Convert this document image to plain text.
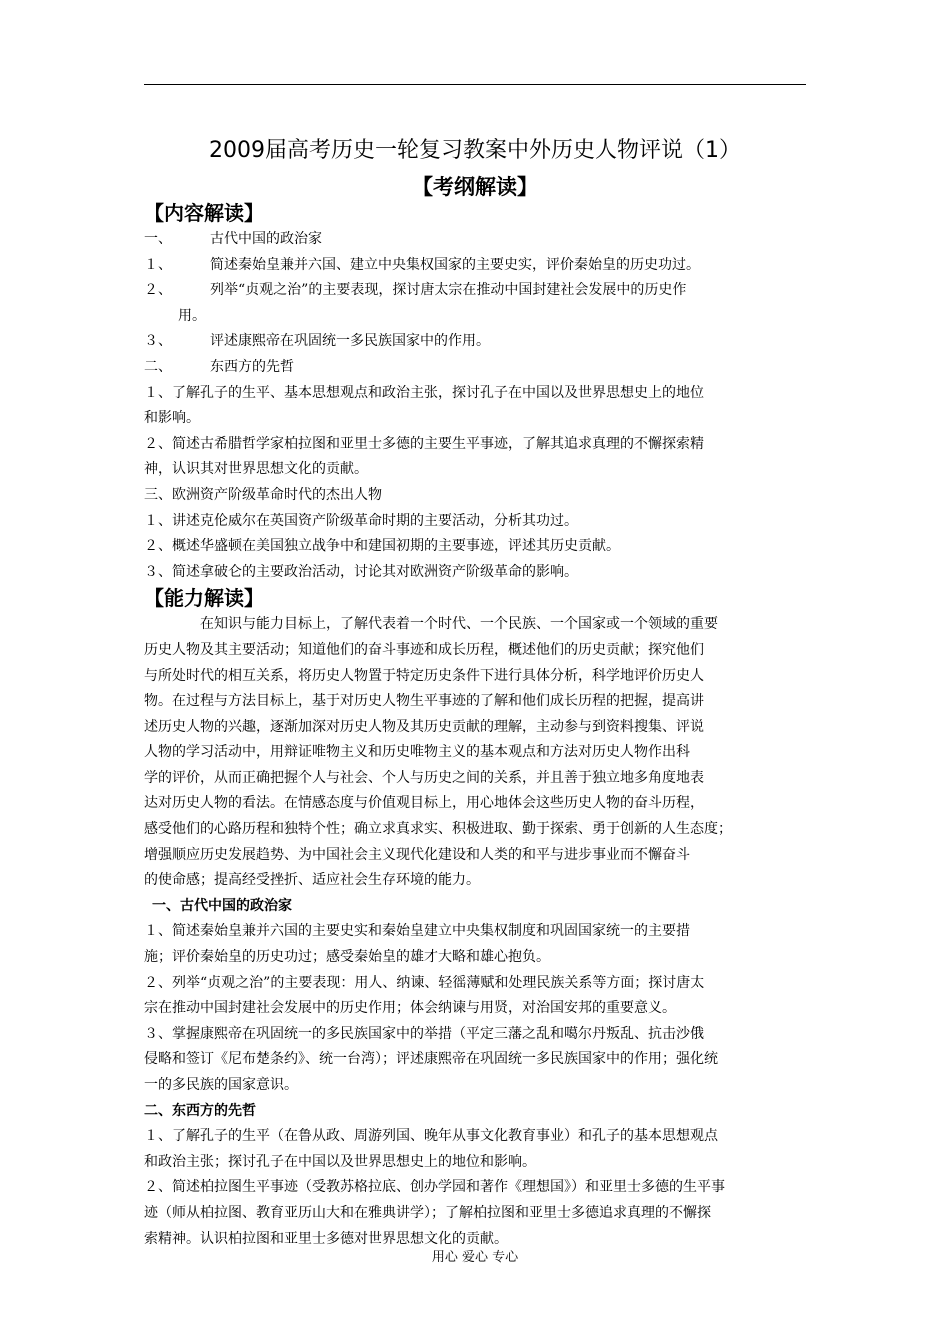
2009届高考历史一轮复习教案中外历史人物评说（1）
【考纲解读】
【内容解读】
一、	古代中国的政治家
１、	简述秦始皇兼并六国、建立中央集权国家的主要史实，评价秦始皇的历史功过。
２、	列举“贞观之治”的主要表现，探讨唐太宗在推动中国封建社会发展中的历史作
用。
３、	评述康熙帝在巩固统一多民族国家中的作用。
二、	东西方的先哲
１、了解孔子的生平、基本思想观点和政治主张，探讨孔子在中国以及世界思想史上的地位
和影响。
２、简述古希腊哲学家柏拉图和亚里士多德的主要生平事迹，了解其追求真理的不懈探索精
神，认识其对世界思想文化的贡献。
三、欧洲资产阶级革命时代的杰出人物
１、讲述克伦威尔在英国资产阶级革命时期的主要活动，分析其功过。
２、概述华盛顿在美国独立战争中和建国初期的主要事迹，评述其历史贡献。
３、简述拿破仑的主要政治活动，讨论其对欧洲资产阶级革命的影响。
【能力解读】
在知识与能力目标上，了解代表着一个时代、一个民族、一个国家或一个领域的重要
历史人物及其主要活动；知道他们的奋斗事迹和成长历程，概述他们的历史贡献；探究他们
与所处时代的相互关系，将历史人物置于特定历史条件下进行具体分析，科学地评价历史人
物。在过程与方法目标上，基于对历史人物生平事迹的了解和他们成长历程的把握，提高讲
述历史人物的兴趣，逐渐加深对历史人物及其历史贡献的理解，主动参与到资料搜集、评说
人物的学习活动中，用辩证唯物主义和历史唯物主义的基本观点和方法对历史人物作出科
学的评价，从而正确把握个人与社会、个人与历史之间的关系，并且善于独立地多角度地表
达对历史人物的看法。在情感态度与价值观目标上，用心地体会这些历史人物的奋斗历程，
感受他们的心路历程和独特个性；确立求真求实、积极进取、勤于探索、勇于创新的人生态度；
增强顺应历史发展趋势、为中国社会主义现代化建设和人类的和平与进步事业而不懈奋斗
的使命感；提高经受挫折、适应社会生存环境的能力。
一、古代中国的政治家
１、简述秦始皇兼并六国的主要史实和秦始皇建立中央集权制度和巩固国家统一的主要措
施；评价秦始皇的历史功过；感受秦始皇的雄才大略和雄心抱负。
２、列举“贞观之治”的主要表现：用人、纳谏、轻徭薄赋和处理民族关系等方面；探讨唐太
宗在推动中国封建社会发展中的历史作用；体会纳谏与用贤，对治国安邦的重要意义。
３、掌握康熙帝在巩固统一的多民族国家中的举措（平定三藩之乱和噶尔丹叛乱、抗击沙俄
侵略和签订《尼布楚条约》、统一台湾）；评述康熙帝在巩固统一多民族国家中的作用；强化统
一的多民族的国家意识。
二、东西方的先哲
１、了解孔子的生平（在鲁从政、周游列国、晚年从事文化教育事业）和孔子的基本思想观点
和政治主张；探讨孔子在中国以及世界思想史上的地位和影响。
２、简述柏拉图生平事迹（受教苏格拉底、创办学园和著作《理想国》）和亚里士多德的生平事
迹（师从柏拉图、教育亚历山大和在雅典讲学）；了解柏拉图和亚里士多德追求真理的不懈探
索精神。认识柏拉图和亚里士多德对世界思想文化的贡献。
用心 爱心 专心
